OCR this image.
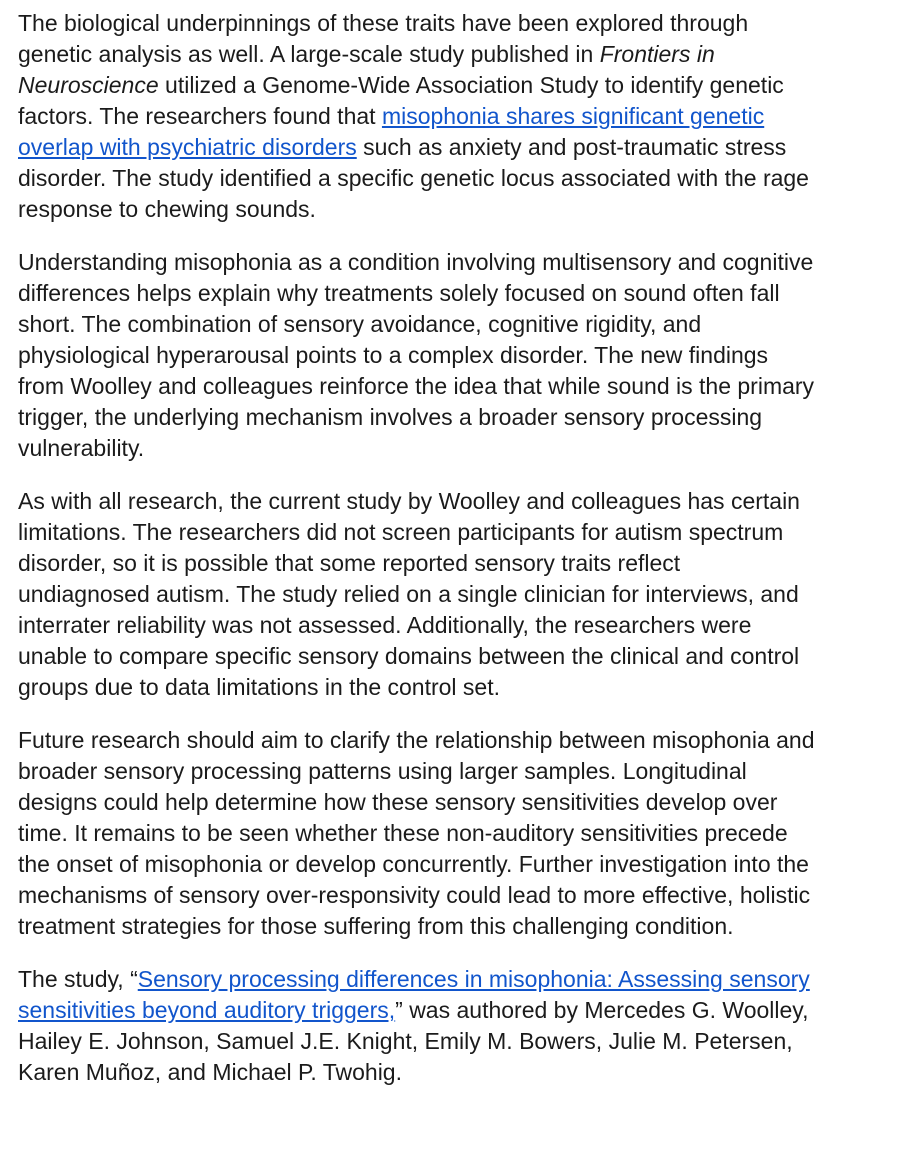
The biological underpinnings of these traits have been explored through
genetic analysis as well. A large-scale study published in Frontiers in
Neuroscience utilized a Genome-Wide Association Study to identify genetic
factors. The researchers found that misophonia shares significant genetic
overlap with psychiatric disorders such as anxiety and post-traumatic stress
disorder. The study identified a specific genetic locus associated with the rage
response to chewing sounds.

Understanding misophonia as a condition involving multisensory and cognitive
differences helps explain why treatments solely focused on sound often fall
short. The combination of sensory avoidance, cognitive rigidity, and
physiological hyperarousal points to a complex disorder. The new findings
from Woolley and colleagues reinforce the idea that while sound is the primary
trigger, the underlying mechanism involves a broader sensory processing
vulnerability.

As with all research, the current study by Woolley and colleagues has certain
limitations. The researchers did not screen participants for autism spectrum
disorder, so it is possible that some reported sensory traits reflect
undiagnosed autism. The study relied on a single clinician for interviews, and
interrater reliability was not assessed. Additionally, the researchers were
unable to compare specific sensory domains between the clinical and control
groups due to data limitations in the control set.

Future research should aim to clarify the relationship between misophonia and
broader sensory processing patterns using larger samples. Longitudinal
designs could help determine how these sensory sensitivities develop over
time. It remains to be seen whether these non-auditory sensitivities precede
the onset of misophonia or develop concurrently. Further investigation into the
mechanisms of sensory over-responsivity could lead to more effective, holistic
treatment strategies for those suffering from this challenging condition.

The study, “Sensory processing differences in misophonia: Assessing sensory
sensitivities beyond auditory triggers,” was authored by Mercedes G. Woolley,
Hailey E. Johnson, Samuel J.E. Knight, Emily M. Bowers, Julie M. Petersen,
Karen Muñoz, and Michael P. Twohig.
